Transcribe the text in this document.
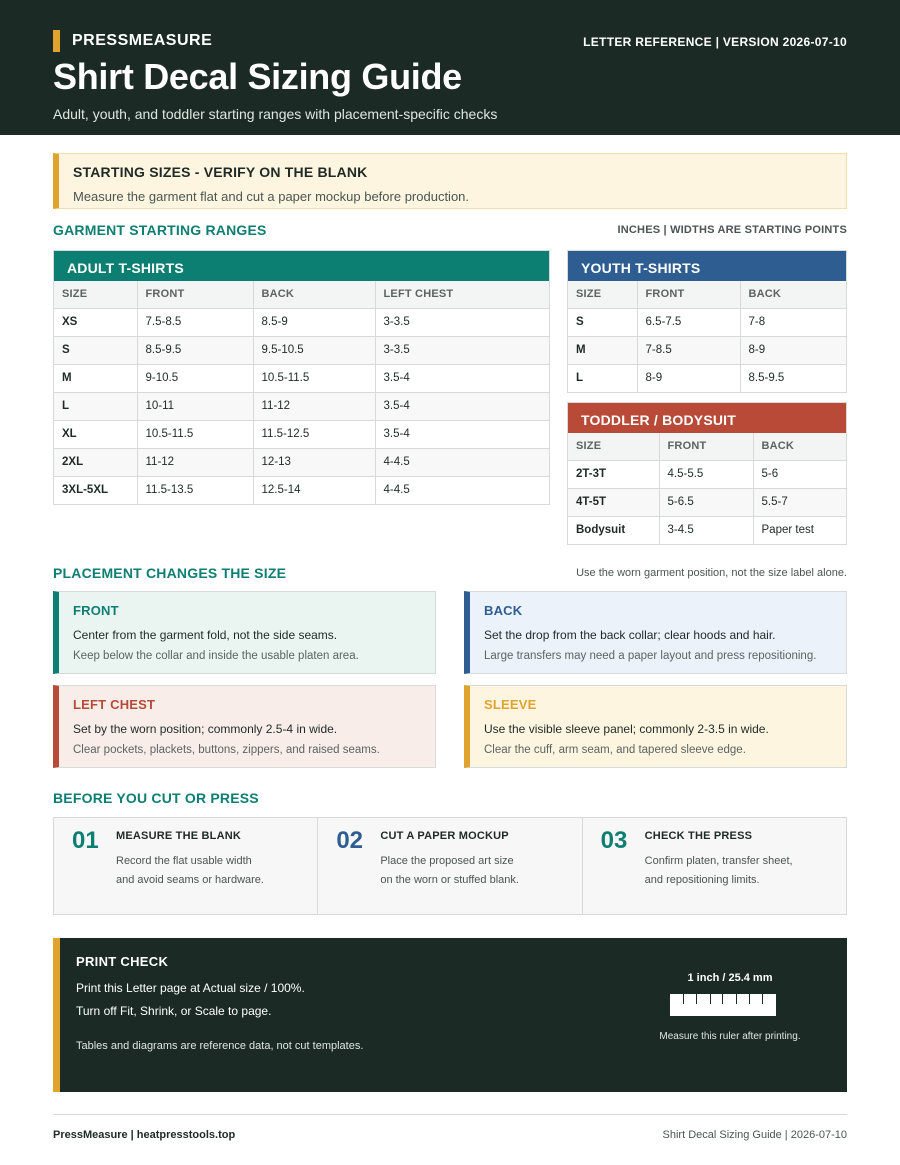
PRESSMEASURE	LETTER REFERENCE | VERSION 2026-07-10
Shirt Decal Sizing Guide
Adult, youth, and toddler starting ranges with placement-specific checks
STARTING SIZES - VERIFY ON THE BLANK
Measure the garment flat and cut a paper mockup before production.
GARMENT STARTING RANGES	INCHES | WIDTHS ARE STARTING POINTS
ADULT T-SHIRTS
SIZE	FRONT	BACK	LEFT CHEST
XS	7.5-8.5	8.5-9	3-3.5
S	8.5-9.5	9.5-10.5	3-3.5
M	9-10.5	10.5-11.5	3.5-4
L	10-11	11-12	3.5-4
XL	10.5-11.5	11.5-12.5	3.5-4
2XL	11-12	12-13	4-4.5
3XL-5XL	11.5-13.5	12.5-14	4-4.5
YOUTH T-SHIRTS
SIZE	FRONT	BACK
S	6.5-7.5	7-8
M	7-8.5	8-9
L	8-9	8.5-9.5
TODDLER / BODYSUIT
SIZE	FRONT	BACK
2T-3T	4.5-5.5	5-6
4T-5T	5-6.5	5.5-7
Bodysuit	3-4.5	Paper test
PLACEMENT CHANGES THE SIZE	Use the worn garment position, not the size label alone.
FRONT
Center from the garment fold, not the side seams.
Keep below the collar and inside the usable platen area.
BACK
Set the drop from the back collar; clear hoods and hair.
Large transfers may need a paper layout and press repositioning.
LEFT CHEST
Set by the worn position; commonly 2.5-4 in wide.
Clear pockets, plackets, buttons, zippers, and raised seams.
SLEEVE
Use the visible sleeve panel; commonly 2-3.5 in wide.
Clear the cuff, arm seam, and tapered sleeve edge.
BEFORE YOU CUT OR PRESS
01 MEASURE THE BLANK
Record the flat usable width
and avoid seams or hardware.
02 CUT A PAPER MOCKUP
Place the proposed art size
on the worn or stuffed blank.
03 CHECK THE PRESS
Confirm platen, transfer sheet,
and repositioning limits.
PRINT CHECK
Print this Letter page at Actual size / 100%.
Turn off Fit, Shrink, or Scale to page.
Tables and diagrams are reference data, not cut templates.
1 inch / 25.4 mm
Measure this ruler after printing.
PressMeasure | heatpresstools.top	Shirt Decal Sizing Guide | 2026-07-10
